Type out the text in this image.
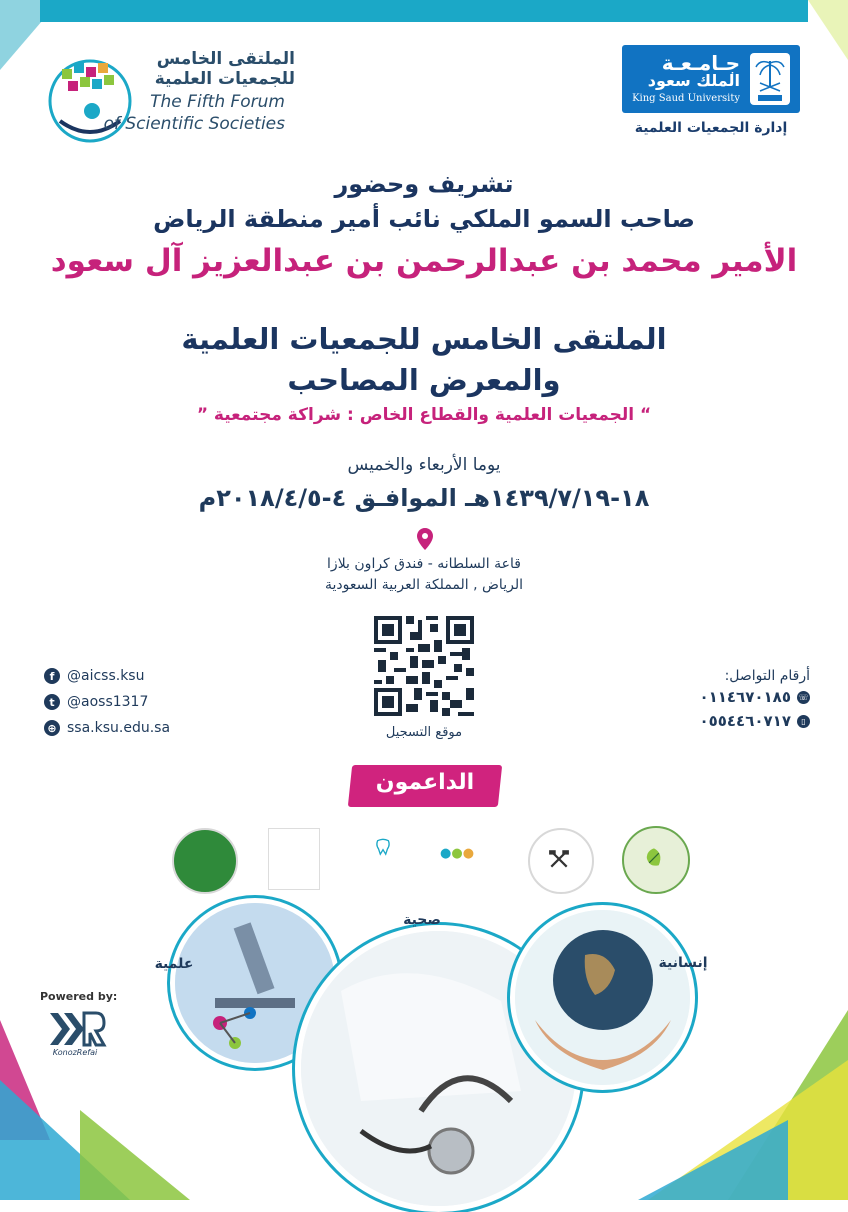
الملتقى الخامس
للجمعيات العلمية
The Fifth Forum
of Scientific Societies
جـامـعـة
الملك سعود
King Saud University
إدارة الجمعيات العلمية
تشريف وحضور
صاحب السمو الملكي نائب أمير منطقة الرياض
الأمير محمد بن عبدالرحمن بن عبدالعزيز آل سعود
الملتقى الخامس للجمعيات العلمية
والمعرض المصاحب
“ الجمعيات العلمية والقطاع الخاص : شراكة مجتمعية ”
يوما الأربعاء والخميس
١٨-١٤٣٩/٧/١٩هـ الموافـق ٤-٢٠١٨/٤/٥م
قاعة السلطانه - فندق كراون بلازا
الرياض , المملكة العربية السعودية
موقع التسجيل
f @aicss.ksu
t @aoss1317
⊕ ssa.ksu.edu.sa
أرقام التواصل:
☏
٠١١٤٦٧٠١٨٥
▯
٠٥٥٤٤٦٠٧١٧
الداعمون
●●●
صحية
علمية	إنسانية
Powered by:
KonozRefai
